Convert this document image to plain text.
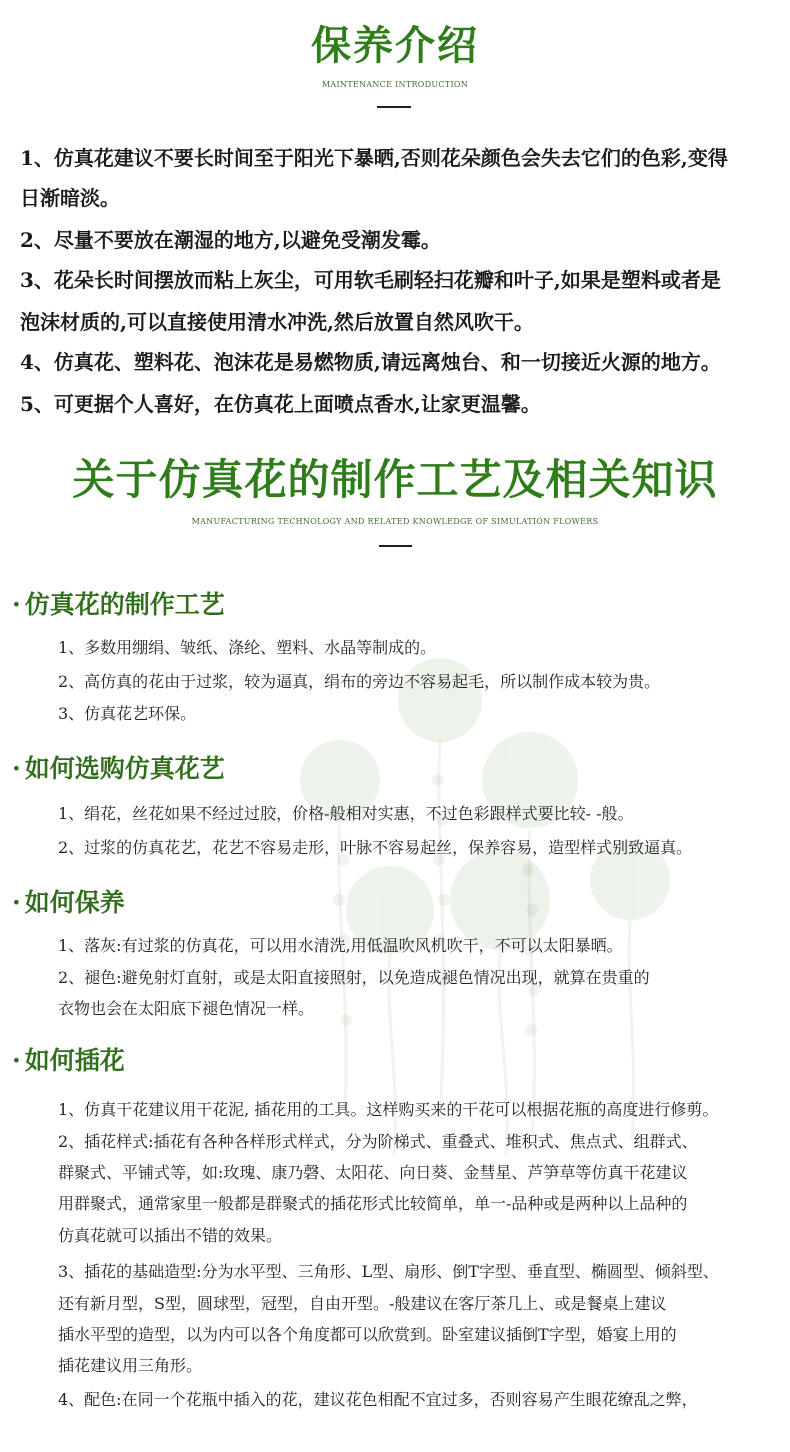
保养介绍
MAINTENANCE INTRODUCTION
1、仿真花建议不要长时间至于阳光下暴晒,否则花朵颜色会失去它们的色彩,变得
日渐暗淡。
2、尽量不要放在潮湿的地方,以避免受潮发霉。
3、花朵长时间摆放而粘上灰尘，可用软毛刷轻扫花瓣和叶子,如果是塑料或者是
泡沫材质的,可以直接使用清水冲洗,然后放置自然风吹干。
4、仿真花、塑料花、泡沫花是易燃物质,请远离烛台、和一切接近火源的地方。
5、可更据个人喜好，在仿真花上面喷点香水,让家更温馨。
关于仿真花的制作工艺及相关知识
MANUFACTURING TECHNOLOGY AND RELATED KNOWLEDGE OF SIMULATION FLOWERS
· 仿真花的制作工艺
1、多数用绷绢、皱纸、涤纶、塑料、水晶等制成的。
2、高仿真的花由于过浆，较为逼真，绢布的旁边不容易起毛，所以制作成本较为贵。
3、仿真花艺环保。
· 如何选购仿真花艺
1、绢花，丝花如果不经过过胶，价格-般相对实惠，不过色彩跟样式要比较- -般。
2、过浆的仿真花艺，花艺不容易走形，叶脉不容易起丝，保养容易，造型样式别致逼真。
· 如何保养
1、落灰:有过浆的仿真花，可以用水清洗,用低温吹风机吹干，不可以太阳暴晒。
2、褪色:避免射灯直射，或是太阳直接照射，以免造成褪色情况出现，就算在贵重的
衣物也会在太阳底下褪色情况一样。
· 如何插花
1、仿真干花建议用干花泥, 插花用的工具。这样购买来的干花可以根据花瓶的高度进行修剪。
2、插花样式:插花有各种各样形式样式，分为阶梯式、重叠式、堆积式、焦点式、组群式、
群聚式、平铺式等，如:玫瑰、康乃磬、太阳花、向日葵、金彗星、芦笋草等仿真干花建议
用群聚式，通常家里一般都是群聚式的插花形式比较简单，单一-品种或是两种以上品种的
仿真花就可以插出不错的效果。
3、插花的基础造型:分为水平型、三角形、L型、扇形、倒T字型、垂直型、椭圆型、倾斜型、
还有新月型，S型，圆球型，冠型，自由开型。-般建议在客厅茶几上、或是餐桌上建议
插水平型的造型，以为内可以各个角度都可以欣赏到。卧室建议插倒T字型，婚宴上用的
插花建议用三角形。
4、配色:在同一个花瓶中插入的花，建议花色相配不宜过多，否则容易产生眼花缭乱之弊，
